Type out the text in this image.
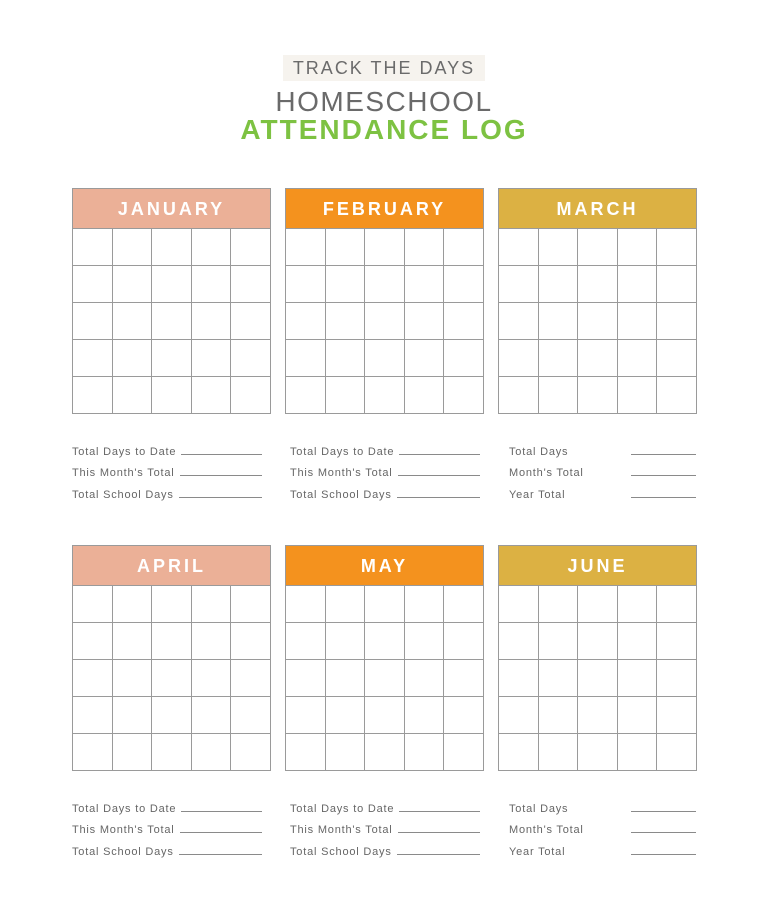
TRACK THE DAYS
HOMESCHOOL
ATTENDANCE LOG
JANUARY	FEBRUARY	MARCH
Total Days to Date
This Month's Total
Total School Days
Total Days to Date
This Month's Total
Total School Days
Total Days
Month's Total
Year Total
APRIL	MAY	JUNE
Total Days to Date
This Month's Total
Total School Days
Total Days to Date
This Month's Total
Total School Days
Total Days
Month's Total
Year Total
